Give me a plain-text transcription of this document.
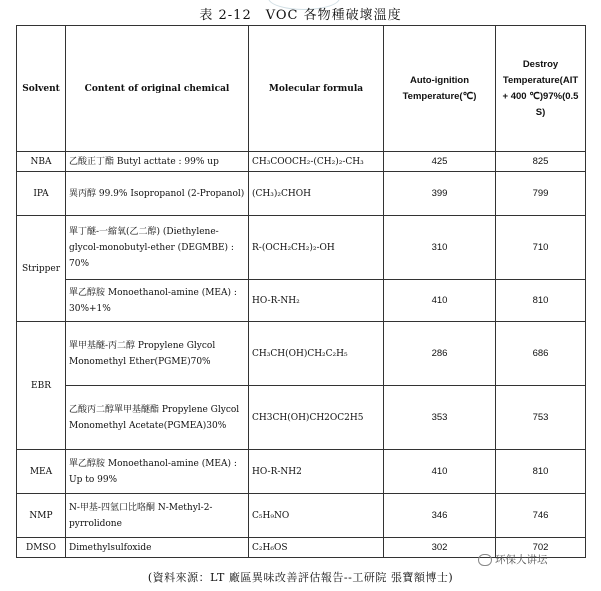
表 2-12　VOC 各物種破壞溫度
Solvent	Content of original chemical	Molecular formula	Auto-ignition Temperature(℃)	Destroy Temperature(AIT + 400 ℃)97%(0.5 S)
NBA	乙酸正丁酯 Butyl acttate : 99% up	CH₃COOCH₂-(CH₂)₂-CH₃	425	825
IPA	異丙醇 99.9% Isopropanol (2-Propanol)	(CH₃)₂CHOH	399	799
Stripper	單丁醚-一縮氧(乙二醇) (Diethylene-glycol-monobutyl-ether (DEGMBE) : 70%	R-(OCH₂CH₂)₂-OH	310	710
	單乙醇胺 Monoethanol-amine (MEA) : 30%+1%	HO-R-NH₂	410	810
EBR	單甲基醚-丙二醇 Propylene Glycol Monomethyl Ether(PGME)70%	CH₃CH(OH)CH₂C₂H₅	286	686
	乙酸丙二醇單甲基醚酯 Propylene Glycol Monomethyl Acetate(PGMEA)30%	CH3CH(OH)CH2OC2H5	353	753
MEA	單乙醇胺 Monoethanol-amine (MEA) : Up to 99%	HO-R-NH2	410	810
NMP	N-甲基-四氫口比咯酮 N-Methyl-2-pyrrolidone	C₅H₉NO	346	746
DMSO	Dimethylsulfoxide	C₂H₆OS	302	702
环保大讲坛
(資料來源：LT 廠區異味改善評估報告--工研院 張寶額博士)
